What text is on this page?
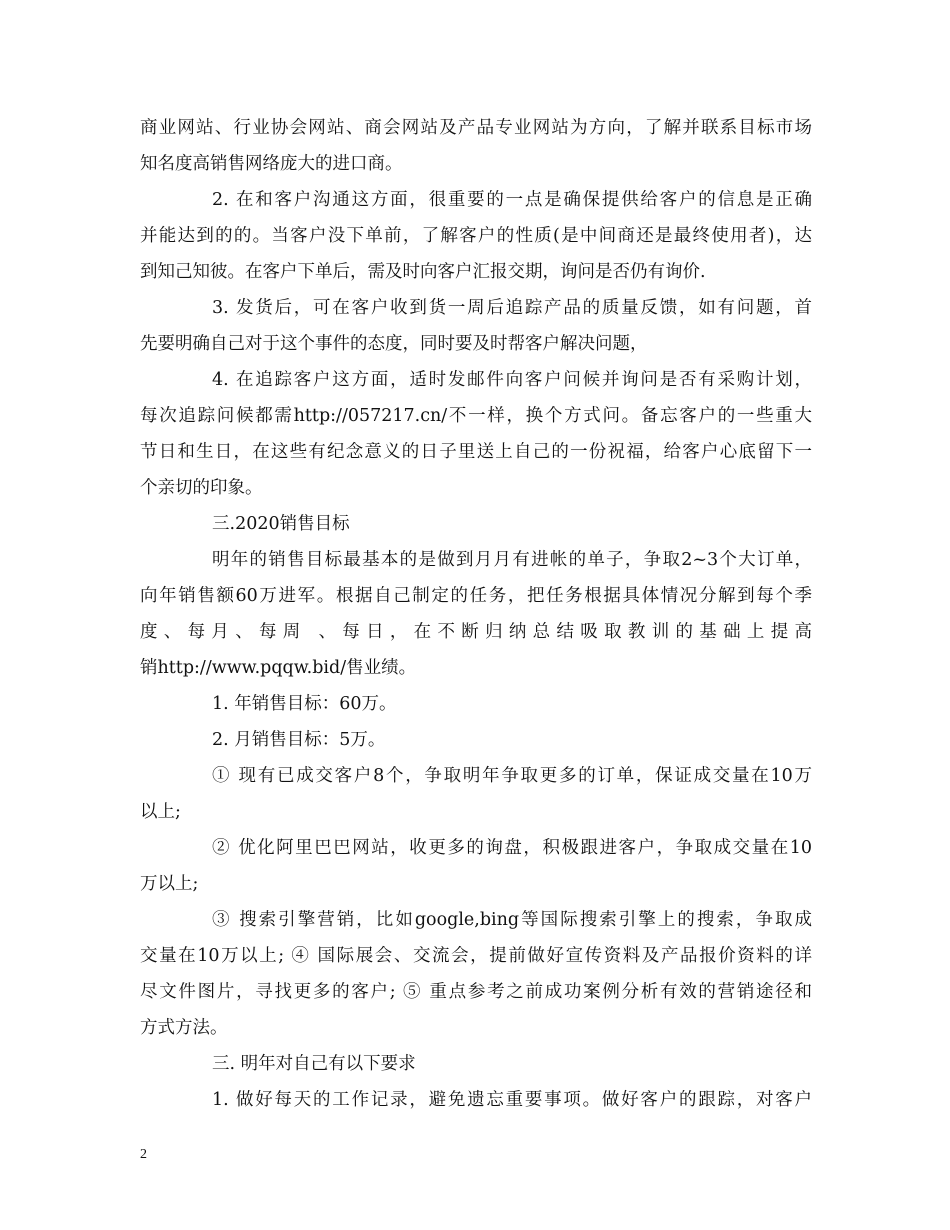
商业网站、行业协会网站、商会网站及产品专业网站为方向，了解并联系目标市场
知名度高销售网络庞大的进口商。
2. 在和客户沟通这方面，很重要的一点是确保提供给客户的信息是正确
并能达到的的。当客户没下单前，了解客户的性质(是中间商还是最终使用者)，达
到知己知彼。在客户下单后，需及时向客户汇报交期，询问是否仍有询价.
3. 发货后，可在客户收到货一周后追踪产品的质量反馈，如有问题，首
先要明确自己对于这个事件的态度，同时要及时帮客户解决问题，
4. 在追踪客户这方面，适时发邮件向客户问候并询问是否有采购计划，
每次追踪问候都需http://057217.cn/不一样，换个方式问。备忘客户的一些重大
节日和生日，在这些有纪念意义的日子里送上自己的一份祝福，给客户心底留下一
个亲切的印象。
三.2020销售目标
明年的销售目标最基本的是做到月月有进帐的单子，争取2~3个大订单，
向年销售额60万进军。根据自己制定的任务，把任务根据具体情况分解到每个季
度、每月、每周 、每日，在不断归纳总结吸取教训的基础上提高
销http://www.pqqw.bid/售业绩。
1. 年销售目标：60万。
2. 月销售目标：5万。
① 现有已成交客户8个，争取明年争取更多的订单，保证成交量在10万
以上;
② 优化阿里巴巴网站，收更多的询盘，积极跟进客户，争取成交量在10
万以上;
③ 搜索引擎营销，比如google,bing等国际搜索引擎上的搜索，争取成
交量在10万以上; ④ 国际展会、交流会，提前做好宣传资料及产品报价资料的详
尽文件图片，寻找更多的客户; ⑤ 重点参考之前成功案例分析有效的营销途径和
方式方法。
三. 明年对自己有以下要求
1. 做好每天的工作记录，避免遗忘重要事项。做好客户的跟踪，对客户
2
